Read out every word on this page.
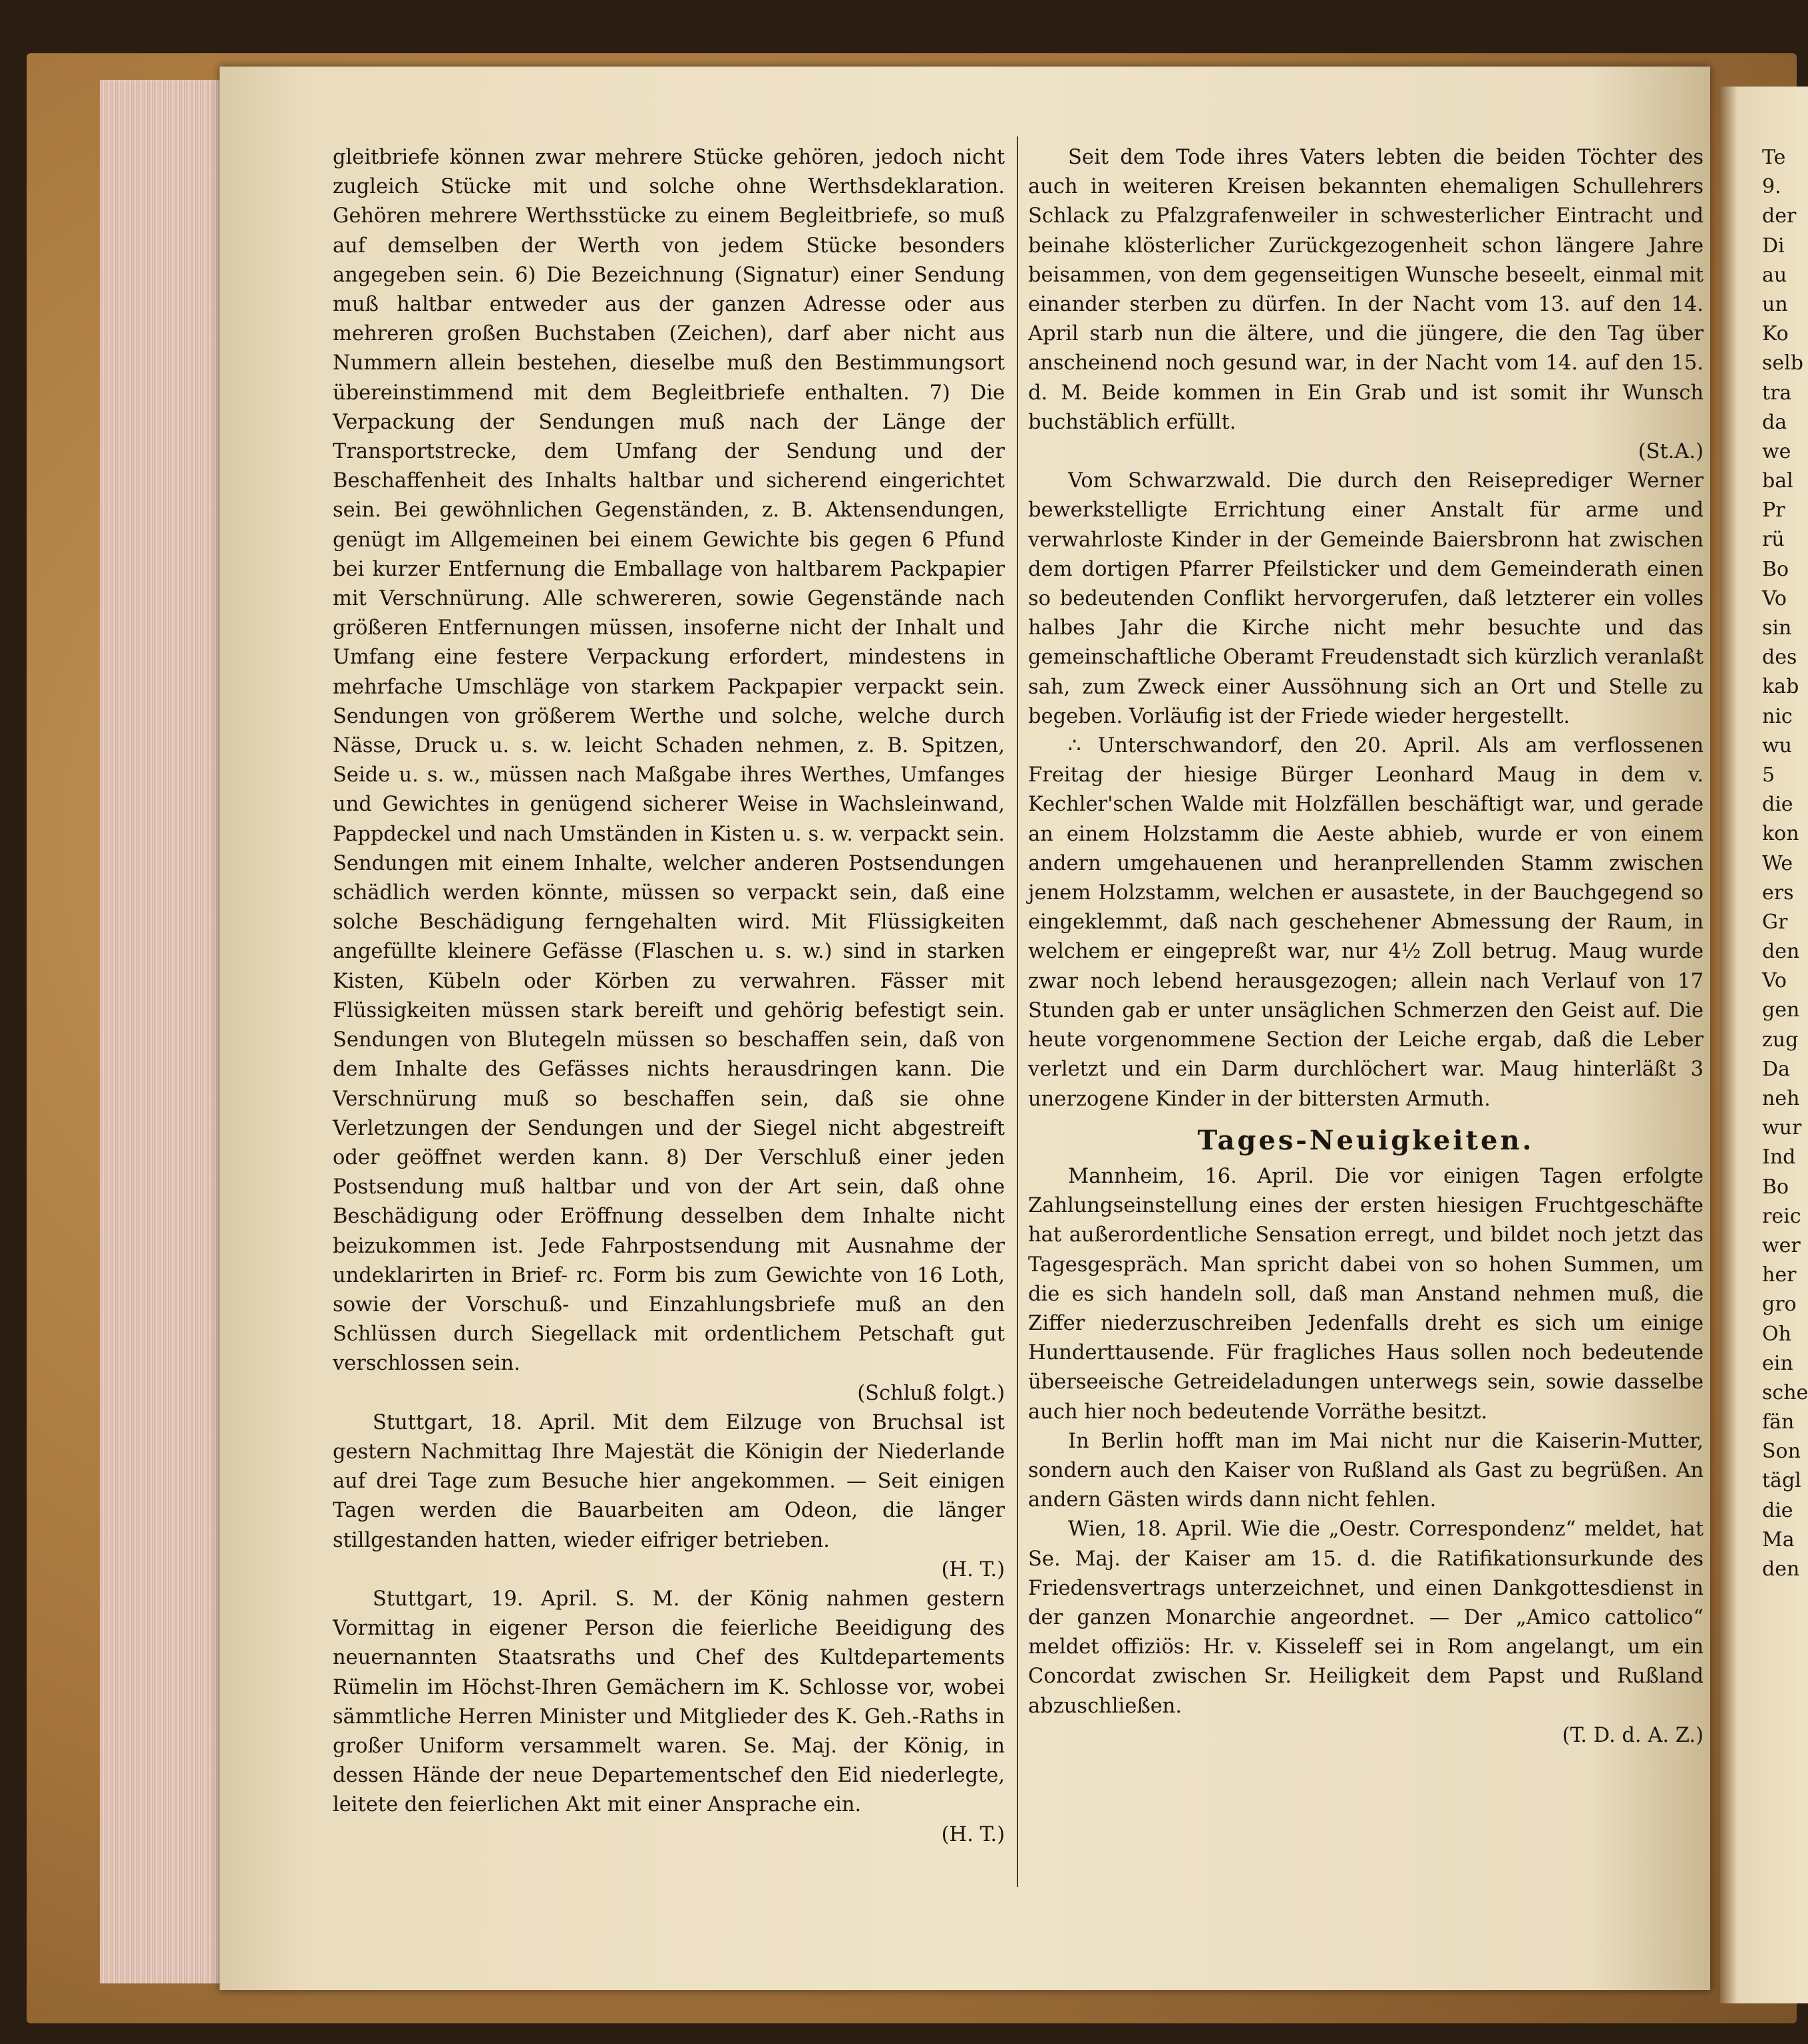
gleitbriefe können zwar mehrere Stücke gehören, jedoch nicht zugleich Stücke mit und solche ohne Werthsdeklaration. Gehören mehrere Werthsstücke zu einem Begleitbriefe, so muß auf demselben der Werth von jedem Stücke besonders angegeben sein. 6) Die Bezeichnung (Signatur) einer Sendung muß haltbar entweder aus der ganzen Adresse oder aus mehreren großen Buchstaben (Zeichen), darf aber nicht aus Nummern allein bestehen, dieselbe muß den Bestimmungsort übereinstimmend mit dem Begleitbriefe enthalten. 7) Die Verpackung der Sendungen muß nach der Länge der Transportstrecke, dem Umfang der Sendung und der Beschaffenheit des Inhalts haltbar und sicherend eingerichtet sein. Bei gewöhnlichen Gegenständen, z. B. Aktensendungen, genügt im Allgemeinen bei einem Gewichte bis gegen 6 Pfund bei kurzer Entfernung die Emballage von haltbarem Packpapier mit Verschnürung. Alle schwereren, sowie Gegenstände nach größeren Entfernungen müssen, insoferne nicht der Inhalt und Umfang eine festere Verpackung erfordert, mindestens in mehrfache Umschläge von starkem Packpapier verpackt sein. Sendungen von größerem Werthe und solche, welche durch Nässe, Druck u. s. w. leicht Schaden nehmen, z. B. Spitzen, Seide u. s. w., müssen nach Maßgabe ihres Werthes, Umfanges und Gewichtes in genügend sicherer Weise in Wachsleinwand, Pappdeckel und nach Umständen in Kisten u. s. w. verpackt sein. Sendungen mit einem Inhalte, welcher anderen Postsendungen schädlich werden könnte, müssen so verpackt sein, daß eine solche Beschädigung ferngehalten wird. Mit Flüssigkeiten angefüllte kleinere Gefässe (Flaschen u. s. w.) sind in starken Kisten, Kübeln oder Körben zu verwahren. Fässer mit Flüssigkeiten müssen stark bereift und gehörig befestigt sein. Sendungen von Blutegeln müssen so beschaffen sein, daß von dem Inhalte des Gefässes nichts herausdringen kann. Die Verschnürung muß so beschaffen sein, daß sie ohne Verletzungen der Sendungen und der Siegel nicht abgestreift oder geöffnet werden kann. 8) Der Verschluß einer jeden Postsendung muß haltbar und von der Art sein, daß ohne Beschädigung oder Eröffnung desselben dem Inhalte nicht beizukommen ist. Jede Fahrpostsendung mit Ausnahme der undeklarirten in Brief- rc. Form bis zum Gewichte von 16 Loth, sowie der Vorschuß- und Einzahlungsbriefe muß an den Schlüssen durch Siegellack mit ordentlichem Petschaft gut verschlossen sein.

(Schluß folgt.)

Stuttgart, 18. April. Mit dem Eilzuge von Bruchsal ist gestern Nachmittag Ihre Majestät die Königin der Niederlande auf drei Tage zum Besuche hier angekommen. — Seit einigen Tagen werden die Bauarbeiten am Odeon, die länger stillgestanden hatten, wieder eifriger betrieben.

(H. T.)

Stuttgart, 19. April. S. M. der König nahmen gestern Vormittag in eigener Person die feierliche Beeidigung des neuernannten Staatsraths und Chef des Kultdepartements Rümelin im Höchst-Ihren Gemächern im K. Schlosse vor, wobei sämmtliche Herren Minister und Mitglieder des K. Geh.-Raths in großer Uniform versammelt waren. Se. Maj. der König, in dessen Hände der neue Departementschef den Eid niederlegte, leitete den feierlichen Akt mit einer Ansprache ein.

(H. T.)

Seit dem Tode ihres Vaters lebten die beiden Töchter des auch in weiteren Kreisen bekannten ehemaligen Schullehrers Schlack zu Pfalzgrafenweiler in schwesterlicher Eintracht und beinahe klösterlicher Zurückgezogenheit schon längere Jahre beisammen, von dem gegenseitigen Wunsche beseelt, einmal mit einander sterben zu dürfen. In der Nacht vom 13. auf den 14. April starb nun die ältere, und die jüngere, die den Tag über anscheinend noch gesund war, in der Nacht vom 14. auf den 15. d. M. Beide kommen in Ein Grab und ist somit ihr Wunsch buchstäblich erfüllt.

(St.A.)

Vom Schwarzwald. Die durch den Reiseprediger Werner bewerkstelligte Errichtung einer Anstalt für arme und verwahrloste Kinder in der Gemeinde Baiersbronn hat zwischen dem dortigen Pfarrer Pfeilsticker und dem Gemeinderath einen so bedeutenden Conflikt hervorgerufen, daß letzterer ein volles halbes Jahr die Kirche nicht mehr besuchte und das gemeinschaftliche Oberamt Freudenstadt sich kürzlich veranlaßt sah, zum Zweck einer Aussöhnung sich an Ort und Stelle zu begeben. Vorläufig ist der Friede wieder hergestellt.

∴ Unterschwandorf, den 20. April. Als am verflossenen Freitag der hiesige Bürger Leonhard Maug in dem v. Kechler'schen Walde mit Holzfällen beschäftigt war, und gerade an einem Holzstamm die Aeste abhieb, wurde er von einem andern umgehauenen und heranprellenden Stamm zwischen jenem Holzstamm, welchen er ausastete, in der Bauchgegend so eingeklemmt, daß nach geschehener Abmessung der Raum, in welchem er eingepreßt war, nur 4½ Zoll betrug. Maug wurde zwar noch lebend herausgezogen; allein nach Verlauf von 17 Stunden gab er unter unsäglichen Schmerzen den Geist auf. Die heute vorgenommene Section der Leiche ergab, daß die Leber verletzt und ein Darm durchlöchert war. Maug hinterläßt 3 unerzogene Kinder in der bittersten Armuth.

Tages-Neuigkeiten.

Mannheim, 16. April. Die vor einigen Tagen erfolgte Zahlungseinstellung eines der ersten hiesigen Fruchtgeschäfte hat außerordentliche Sensation erregt, und bildet noch jetzt das Tagesgespräch. Man spricht dabei von so hohen Summen, um die es sich handeln soll, daß man Anstand nehmen muß, die Ziffer niederzuschreiben Jedenfalls dreht es sich um einige Hunderttausende. Für fragliches Haus sollen noch bedeutende überseeische Getreideladungen unterwegs sein, sowie dasselbe auch hier noch bedeutende Vorräthe besitzt.

In Berlin hofft man im Mai nicht nur die Kaiserin-Mutter, sondern auch den Kaiser von Rußland als Gast zu begrüßen. An andern Gästen wirds dann nicht fehlen.

Wien, 18. April. Wie die „Oestr. Correspondenz“ meldet, hat Se. Maj. der Kaiser am 15. d. die Ratifikationsurkunde des Friedensvertrags unterzeichnet, und einen Dankgottesdienst in der ganzen Monarchie angeordnet. — Der „Amico cattolico“ meldet offiziös: Hr. v. Kisseleff sei in Rom angelangt, um ein Concordat zwischen Sr. Heiligkeit dem Papst und Rußland abzuschließen.

(T. D. d. A. Z.)
Te
9.
der
Di
au
un
Ko
selb
tra
da
we
bal
Pr
rü
Bo
Vo
sin
des
kab
nic
wu
5
die
kon
We
ers
Gr
den
Vo
gen
zug
Da
neh
wur
Ind
Bo
reic
wer
her
gro
Oh
ein
sche
fän
Son
tägl
die
Ma
den
